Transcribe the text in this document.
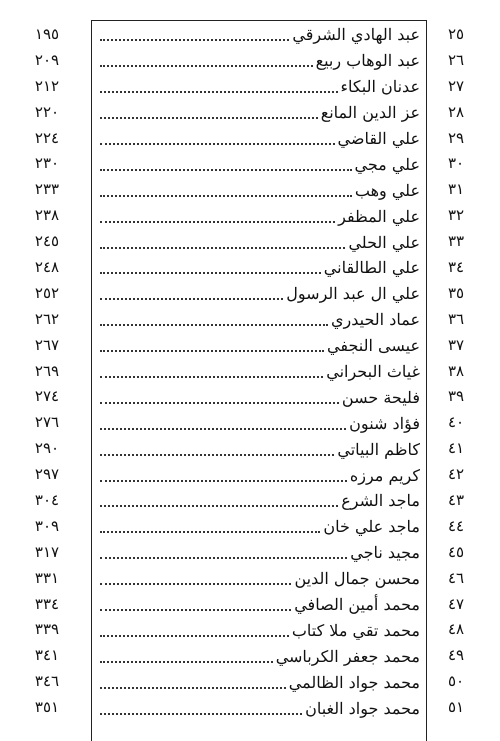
٢٥
عبد الهادي الشرقي
١٩٥
٢٦
عبد الوهاب ربيع
٢٠٩
٢٧
عدنان البكاء
٢١٢
٢٨
عز الدين المانع
٢٢٠
٢٩
علي القاضي
٢٢٤
٣٠
علي مجي
٢٣٠
٣١
علي وهب
٢٣٣
٣٢
علي المظفر
٢٣٨
٣٣
علي الحلي
٢٤٥
٣٤
علي الطالقاني
٢٤٨
٣٥
علي ال عبد الرسول
٢٥٢
٣٦
عماد الحيدري
٢٦٢
٣٧
عيسى النجفي
٢٦٧
٣٨
غياث البحراني
٢٦٩
٣٩
فليحة حسن
٢٧٤
٤٠
فؤاد شنون
٢٧٦
٤١
كاظم البياتي
٢٩٠
٤٢
كريم مرزه
٢٩٧
٤٣
ماجد الشرع
٣٠٤
٤٤
ماجد علي خان
٣٠٩
٤٥
مجيد ناجي
٣١٧
٤٦
محسن جمال الدين
٣٣١
٤٧
محمد أمين الصافي
٣٣٤
٤٨
محمد تقي ملا كتاب
٣٣٩
٤٩
محمد جعفر الكرباسي
٣٤١
٥٠
محمد جواد الظالمي
٣٤٦
٥١
محمد جواد الغبان
٣٥١
